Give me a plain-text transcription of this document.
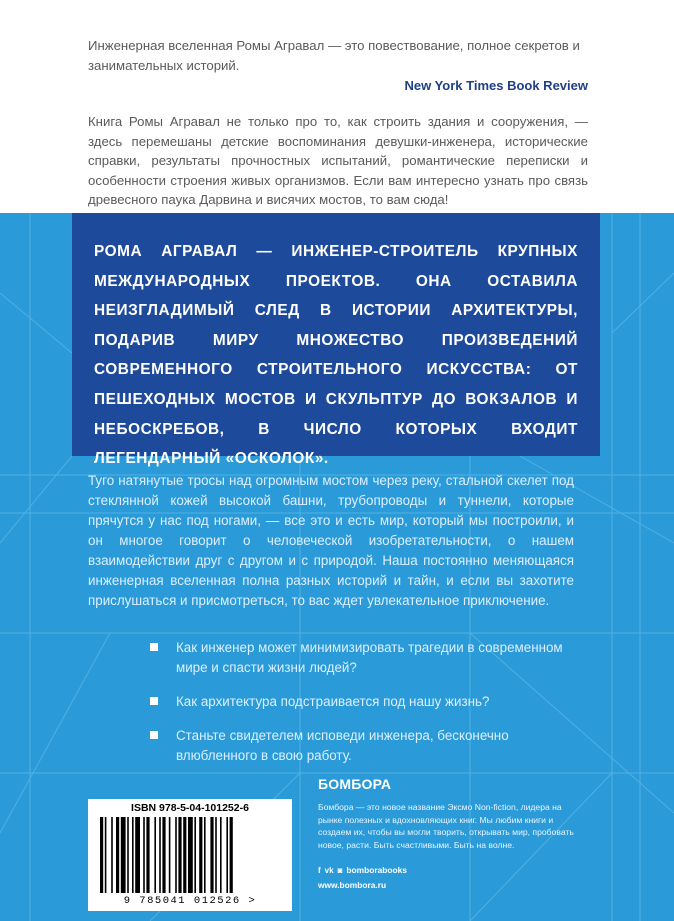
Инженерная вселенная Ромы Агравал — это повествование, полное секретов и занимательных историй.
New York Times Book Review
Книга Ромы Агравал не только про то, как строить здания и сооружения, — здесь перемешаны детские воспоминания девушки-инженера, исторические справки, результаты прочностных испытаний, романтические переписки и особенности строения живых организмов. Если вам интересно узнать про связь древесного паука Дарвина и висячих мостов, то вам сюда!
РОМА АГРАВАЛ — ИНЖЕНЕР-СТРОИТЕЛЬ КРУПНЫХ МЕЖДУНАРОДНЫХ ПРОЕКТОВ. ОНА ОСТАВИЛА НЕИЗГЛАДИМЫЙ СЛЕД В ИСТОРИИ АРХИТЕКТУРЫ, ПОДАРИВ МИРУ МНОЖЕСТВО ПРОИЗВЕДЕНИЙ СОВРЕМЕННОГО СТРОИТЕЛЬНОГО ИСКУССТВА: ОТ ПЕШЕХОДНЫХ МОСТОВ И СКУЛЬПТУР ДО ВОКЗАЛОВ И НЕБОСКРЕБОВ, В ЧИСЛО КОТОРЫХ ВХОДИТ ЛЕГЕНДАРНЫЙ «ОСКОЛОК».
Туго натянутые тросы над огромным мостом через реку, стальной скелет под стеклянной кожей высокой башни, трубопроводы и туннели, которые прячутся у нас под ногами, — все это и есть мир, который мы построили, и он многое говорит о человеческой изобретательности, о нашем взаимодействии друг с другом и с природой. Наша постоянно меняющаяся инженерная вселенная полна разных историй и тайн, и если вы захотите прислушаться и присмотреться, то вас ждет увлекательное приключение.
Как инженер может минимизировать трагедии в современном мире и спасти жизни людей?
Как архитектура подстраивается под нашу жизнь?
Станьте свидетелем исповеди инженера, бесконечно влюбленного в свою работу.
ISBN 978-5-04-101252-6
9 785041 012526 >
БОМБОРА
Бомбора — это новое название Эксмо Non-fiction, лидера на рынке полезных и вдохновляющих книг. Мы любим книги и создаем их, чтобы вы могли творить, открывать мир, пробовать новое, расти. Быть счастливыми. Быть на волне.
f vk ◙ bomborabooks
www.bombora.ru
